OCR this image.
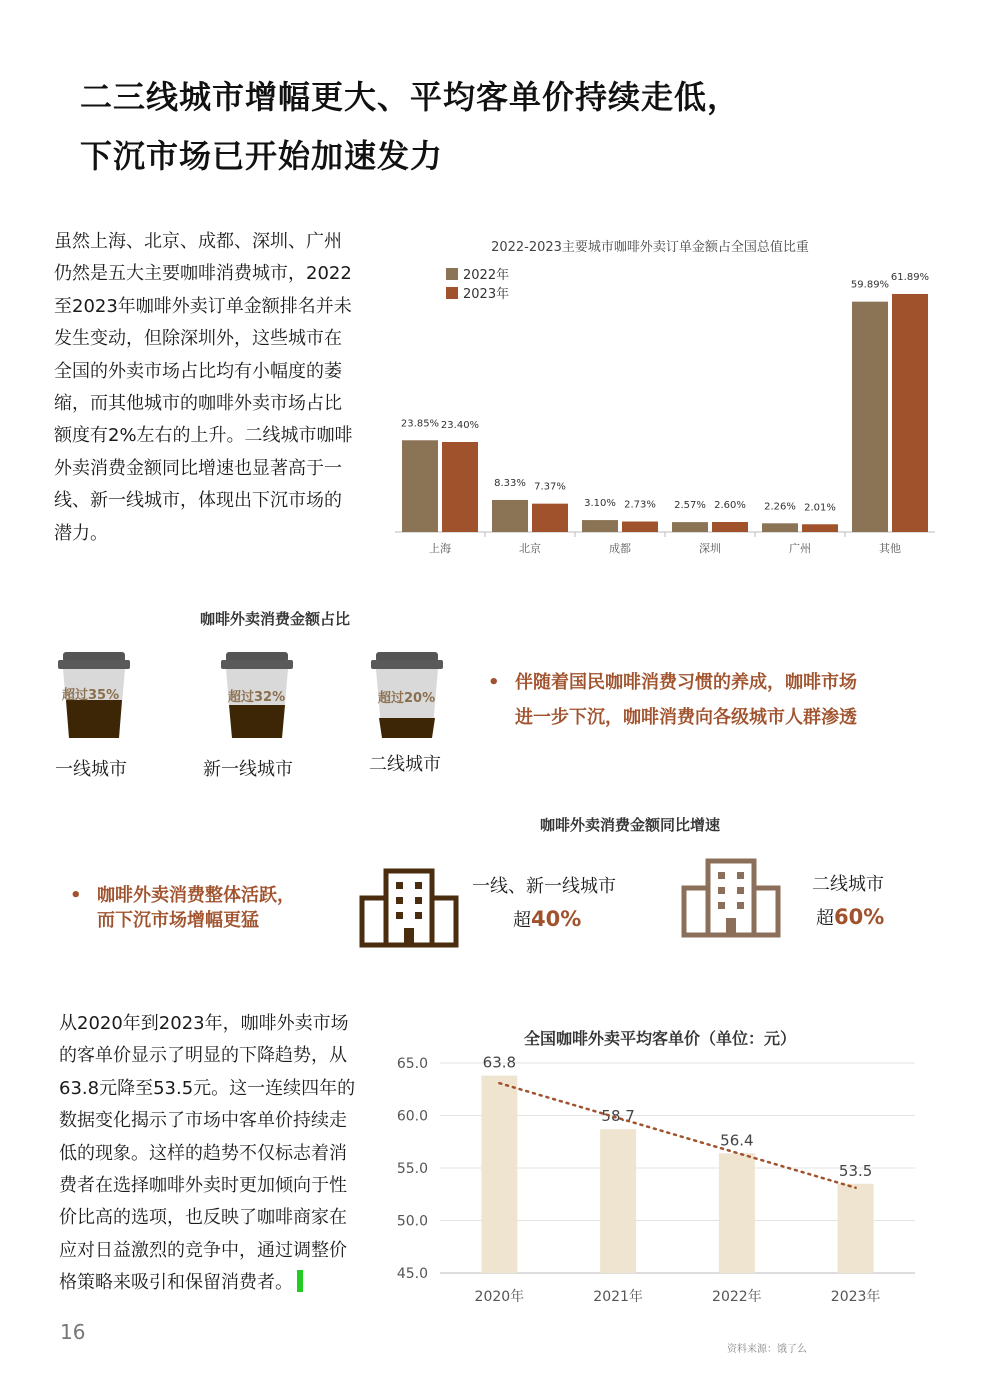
二三线城市增幅更大、平均客单价持续走低，
下沉市场已开始加速发力
虽然上海、北京、成都、深圳、广州
仍然是五大主要咖啡消费城市，2022
至2023年咖啡外卖订单金额排名并未
发生变动，但除深圳外，这些城市在
全国的外卖市场占比均有小幅度的萎
缩，而其他城市的咖啡外卖市场占比
额度有2%左右的上升。二线城市咖啡
外卖消费金额同比增速也显著高于一
线、新一线城市，体现出下沉市场的
潜力。
2022-2023主要城市咖啡外卖订单金额占全国总值比重
2022年
2023年
上海
23.85% 23.40%
北京
8.33% 7.37%
成都
3.10% 2.73%
深圳
2.57% 2.60%
广州
2.26% 2.01%
其他
59.89%
61.89%
咖啡外卖消费金额占比
超过35%
一线城市
超过32%
新一线城市
超过20%
二线城市
• 伴随着国民咖啡消费习惯的养成，咖啡市场
进一步下沉，咖啡消费向各级城市人群渗透
咖啡外卖消费金额同比增速
• 咖啡外卖消费整体活跃，
而下沉市场增幅更猛
一线、新一线城市
超40%
二线城市
超60%
从2020年到2023年，咖啡外卖市场
的客单价显示了明显的下降趋势，从
63.8元降至53.5元。这一连续四年的
数据变化揭示了市场中客单价持续走
低的现象。这样的趋势不仅标志着消
费者在选择咖啡外卖时更加倾向于性
价比高的选项，也反映了咖啡商家在
应对日益激烈的竞争中，通过调整价
格策略来吸引和保留消费者。
全国咖啡外卖平均客单价（单位：元）
45.0
50.0
55.0
60.0
65.0	63.8
2020年
58.7
2021年
56.4
2022年
53.5
2023年
16
资料来源：饿了么
